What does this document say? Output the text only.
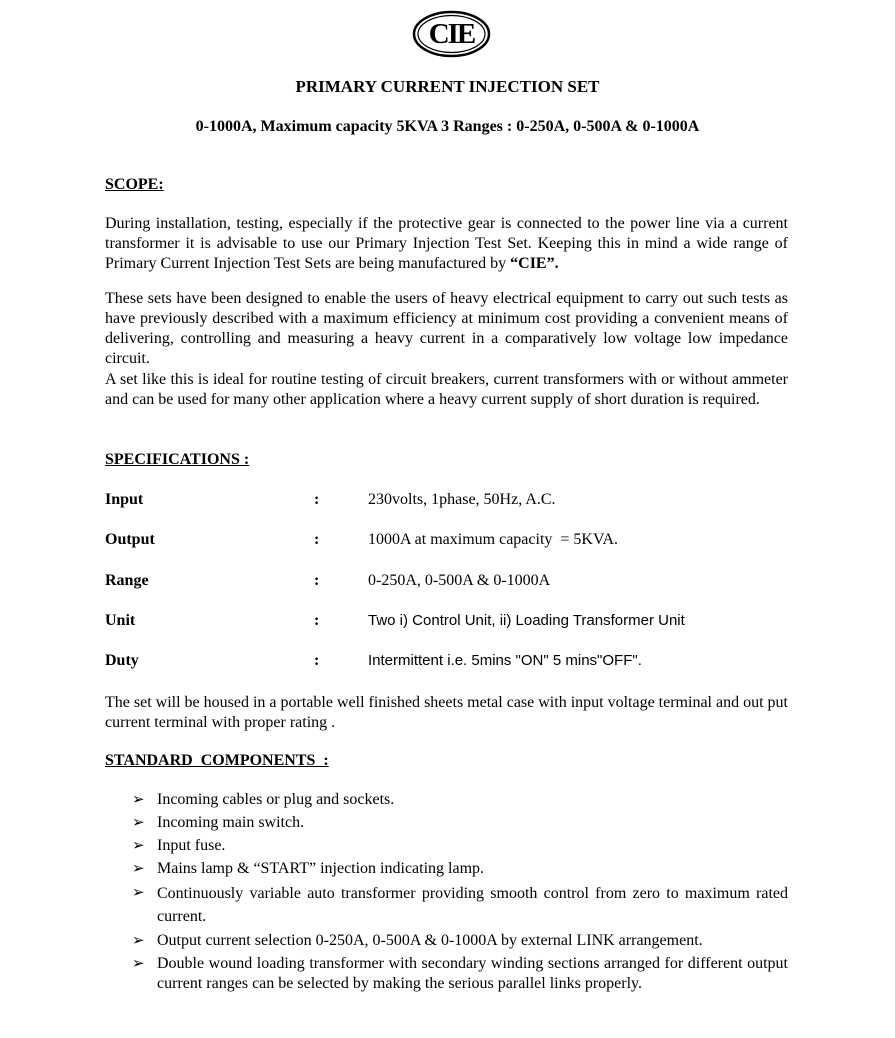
CIE
PRIMARY CURRENT INJECTION SET
0-1000A, Maximum capacity 5KVA 3 Ranges : 0-250A, 0-500A & 0-1000A
SCOPE:

During installation, testing, especially if the protective gear is connected to the power line via a current transformer it is advisable to use our Primary Injection Test Set. Keeping this in mind a wide range of Primary Current Injection Test Sets are being manufactured by “CIE”.

These sets have been designed to enable the users of heavy electrical equipment to carry out such tests as have previously described with a maximum efficiency at minimum cost providing a convenient means of delivering, controlling and measuring a heavy current in a comparatively low voltage low impedance circuit.

A set like this is ideal for routine testing of circuit breakers, current transformers with or without ammeter and can be used for many other application where a heavy current supply of short duration is required.

SPECIFICATIONS :
Input	:	230volts, 1phase, 50Hz, A.C.
Output	:	1000A at maximum capacity  = 5KVA.
Range	:	0-250A, 0-500A & 0-1000A
Unit	:	Two i) Control Unit, ii) Loading Transformer Unit
Duty	:	Intermittent i.e. 5mins "ON" 5 mins"OFF".

The set will be housed in a portable well finished sheets metal case with input voltage terminal and out put current terminal with proper rating .

STANDARD  COMPONENTS  :
➢ Incoming cables or plug and sockets.
➢ Incoming main switch.
➢ Input fuse.
➢ Mains lamp & “START” injection indicating lamp.
➢ Continuously variable auto transformer providing smooth control from zero to maximum rated current.
➢ Output current selection 0-250A, 0-500A & 0-1000A by external LINK arrangement.
➢ Double wound loading transformer with secondary winding sections arranged for different output current ranges can be selected by making the serious parallel links properly.
